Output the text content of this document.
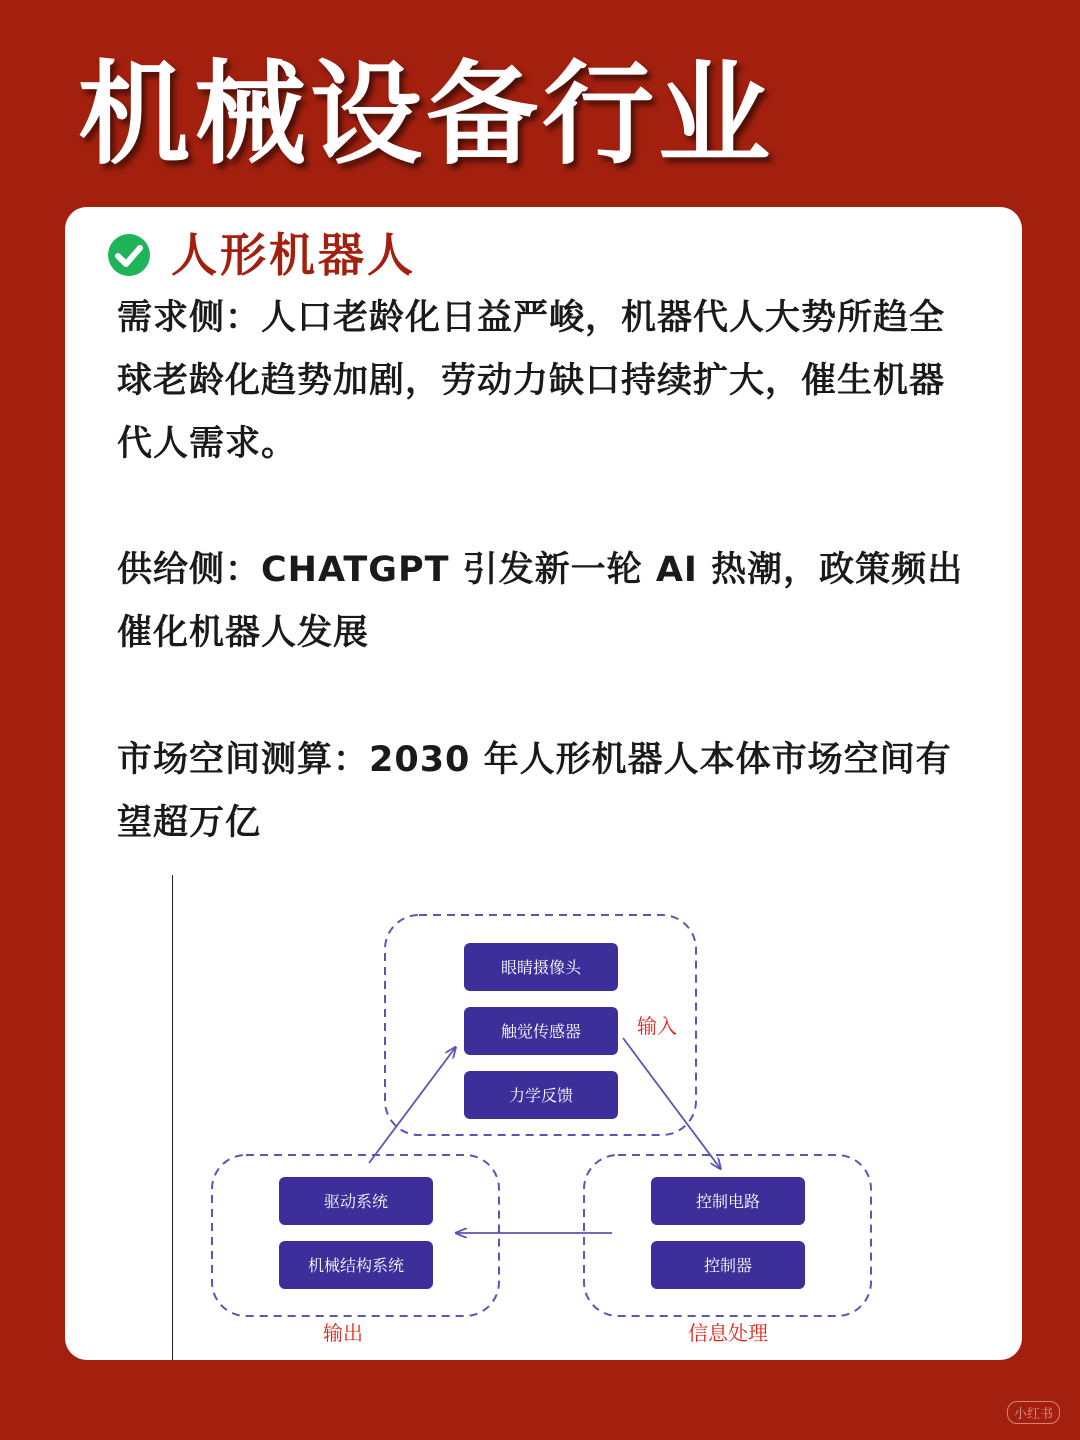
机械设备行业
人形机器人
需求侧：人口老龄化日益严峻，机器代人大势所趋全球老龄化趋势加剧，劳动力缺口持续扩大，催生机器代人需求。
供给侧：CHATGPT 引发新一轮 AI 热潮，政策频出催化机器人发展
市场空间测算：2030 年人形机器人本体市场空间有望超万亿
眼睛摄像头
触觉传感器
力学反馈
驱动系统
机械结构系统
控制电路
控制器
输入
输出	信息处理
小红书
